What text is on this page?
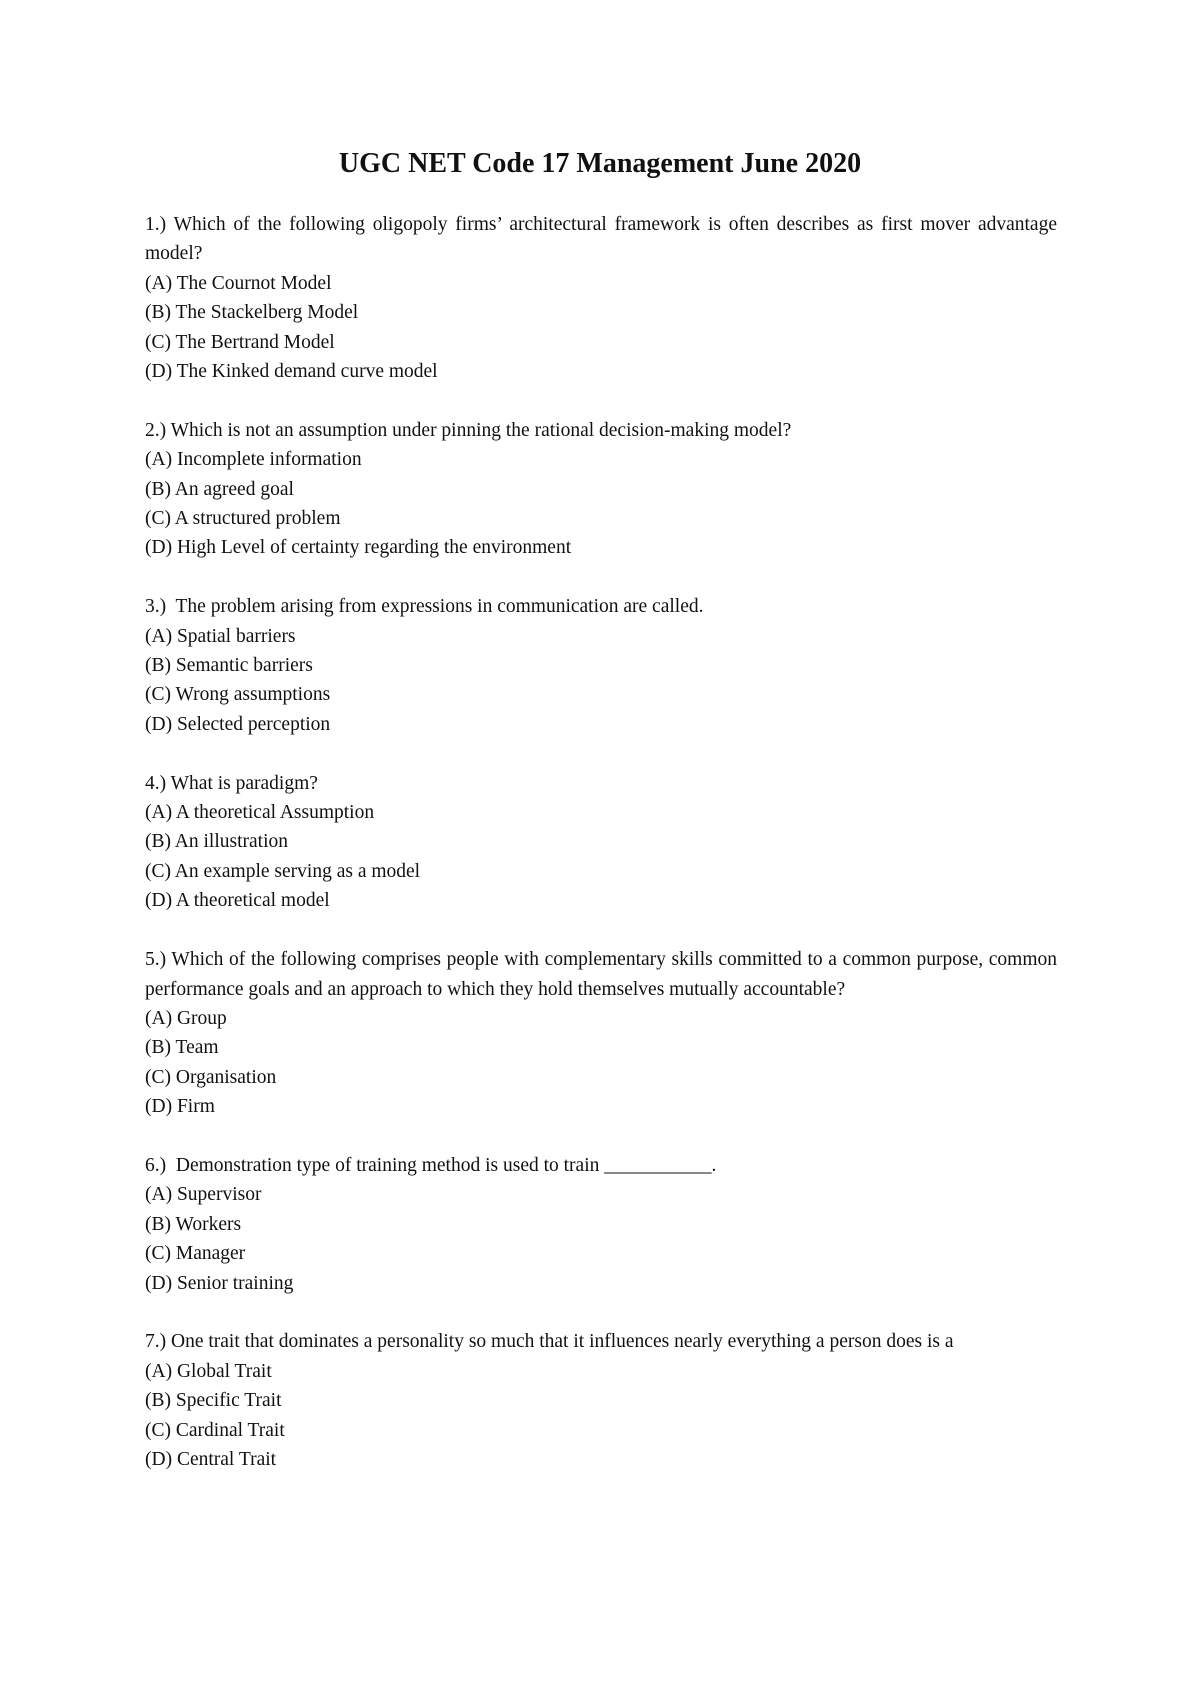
UGC NET Code 17 Management June 2020

1.) Which of the following oligopoly firms’ architectural framework is often describes as first mover advantage model?

(A) The Cournot Model
(B) The Stackelberg Model
(C) The Bertrand Model
(D) The Kinked demand curve model

2.) Which is not an assumption under pinning the rational decision-making model?

(A) Incomplete information
(B) An agreed goal
(C) A structured problem
(D) High Level of certainty regarding the environment

3.)  The problem arising from expressions in communication are called.

(A) Spatial barriers
(B) Semantic barriers
(C) Wrong assumptions
(D) Selected perception

4.) What is paradigm?

(A) A theoretical Assumption
(B) An illustration
(C) An example serving as a model
(D) A theoretical model

5.) Which of the following comprises people with complementary skills committed to a common purpose, common performance goals and an approach to which they hold themselves mutually accountable?

(A) Group
(B) Team
(C) Organisation
(D) Firm

6.)  Demonstration type of training method is used to train ___________.

(A) Supervisor
(B) Workers
(C) Manager
(D) Senior training

7.) One trait that dominates a personality so much that it influences nearly everything a person does is a

(A) Global Trait
(B) Specific Trait
(C) Cardinal Trait
(D) Central Trait
